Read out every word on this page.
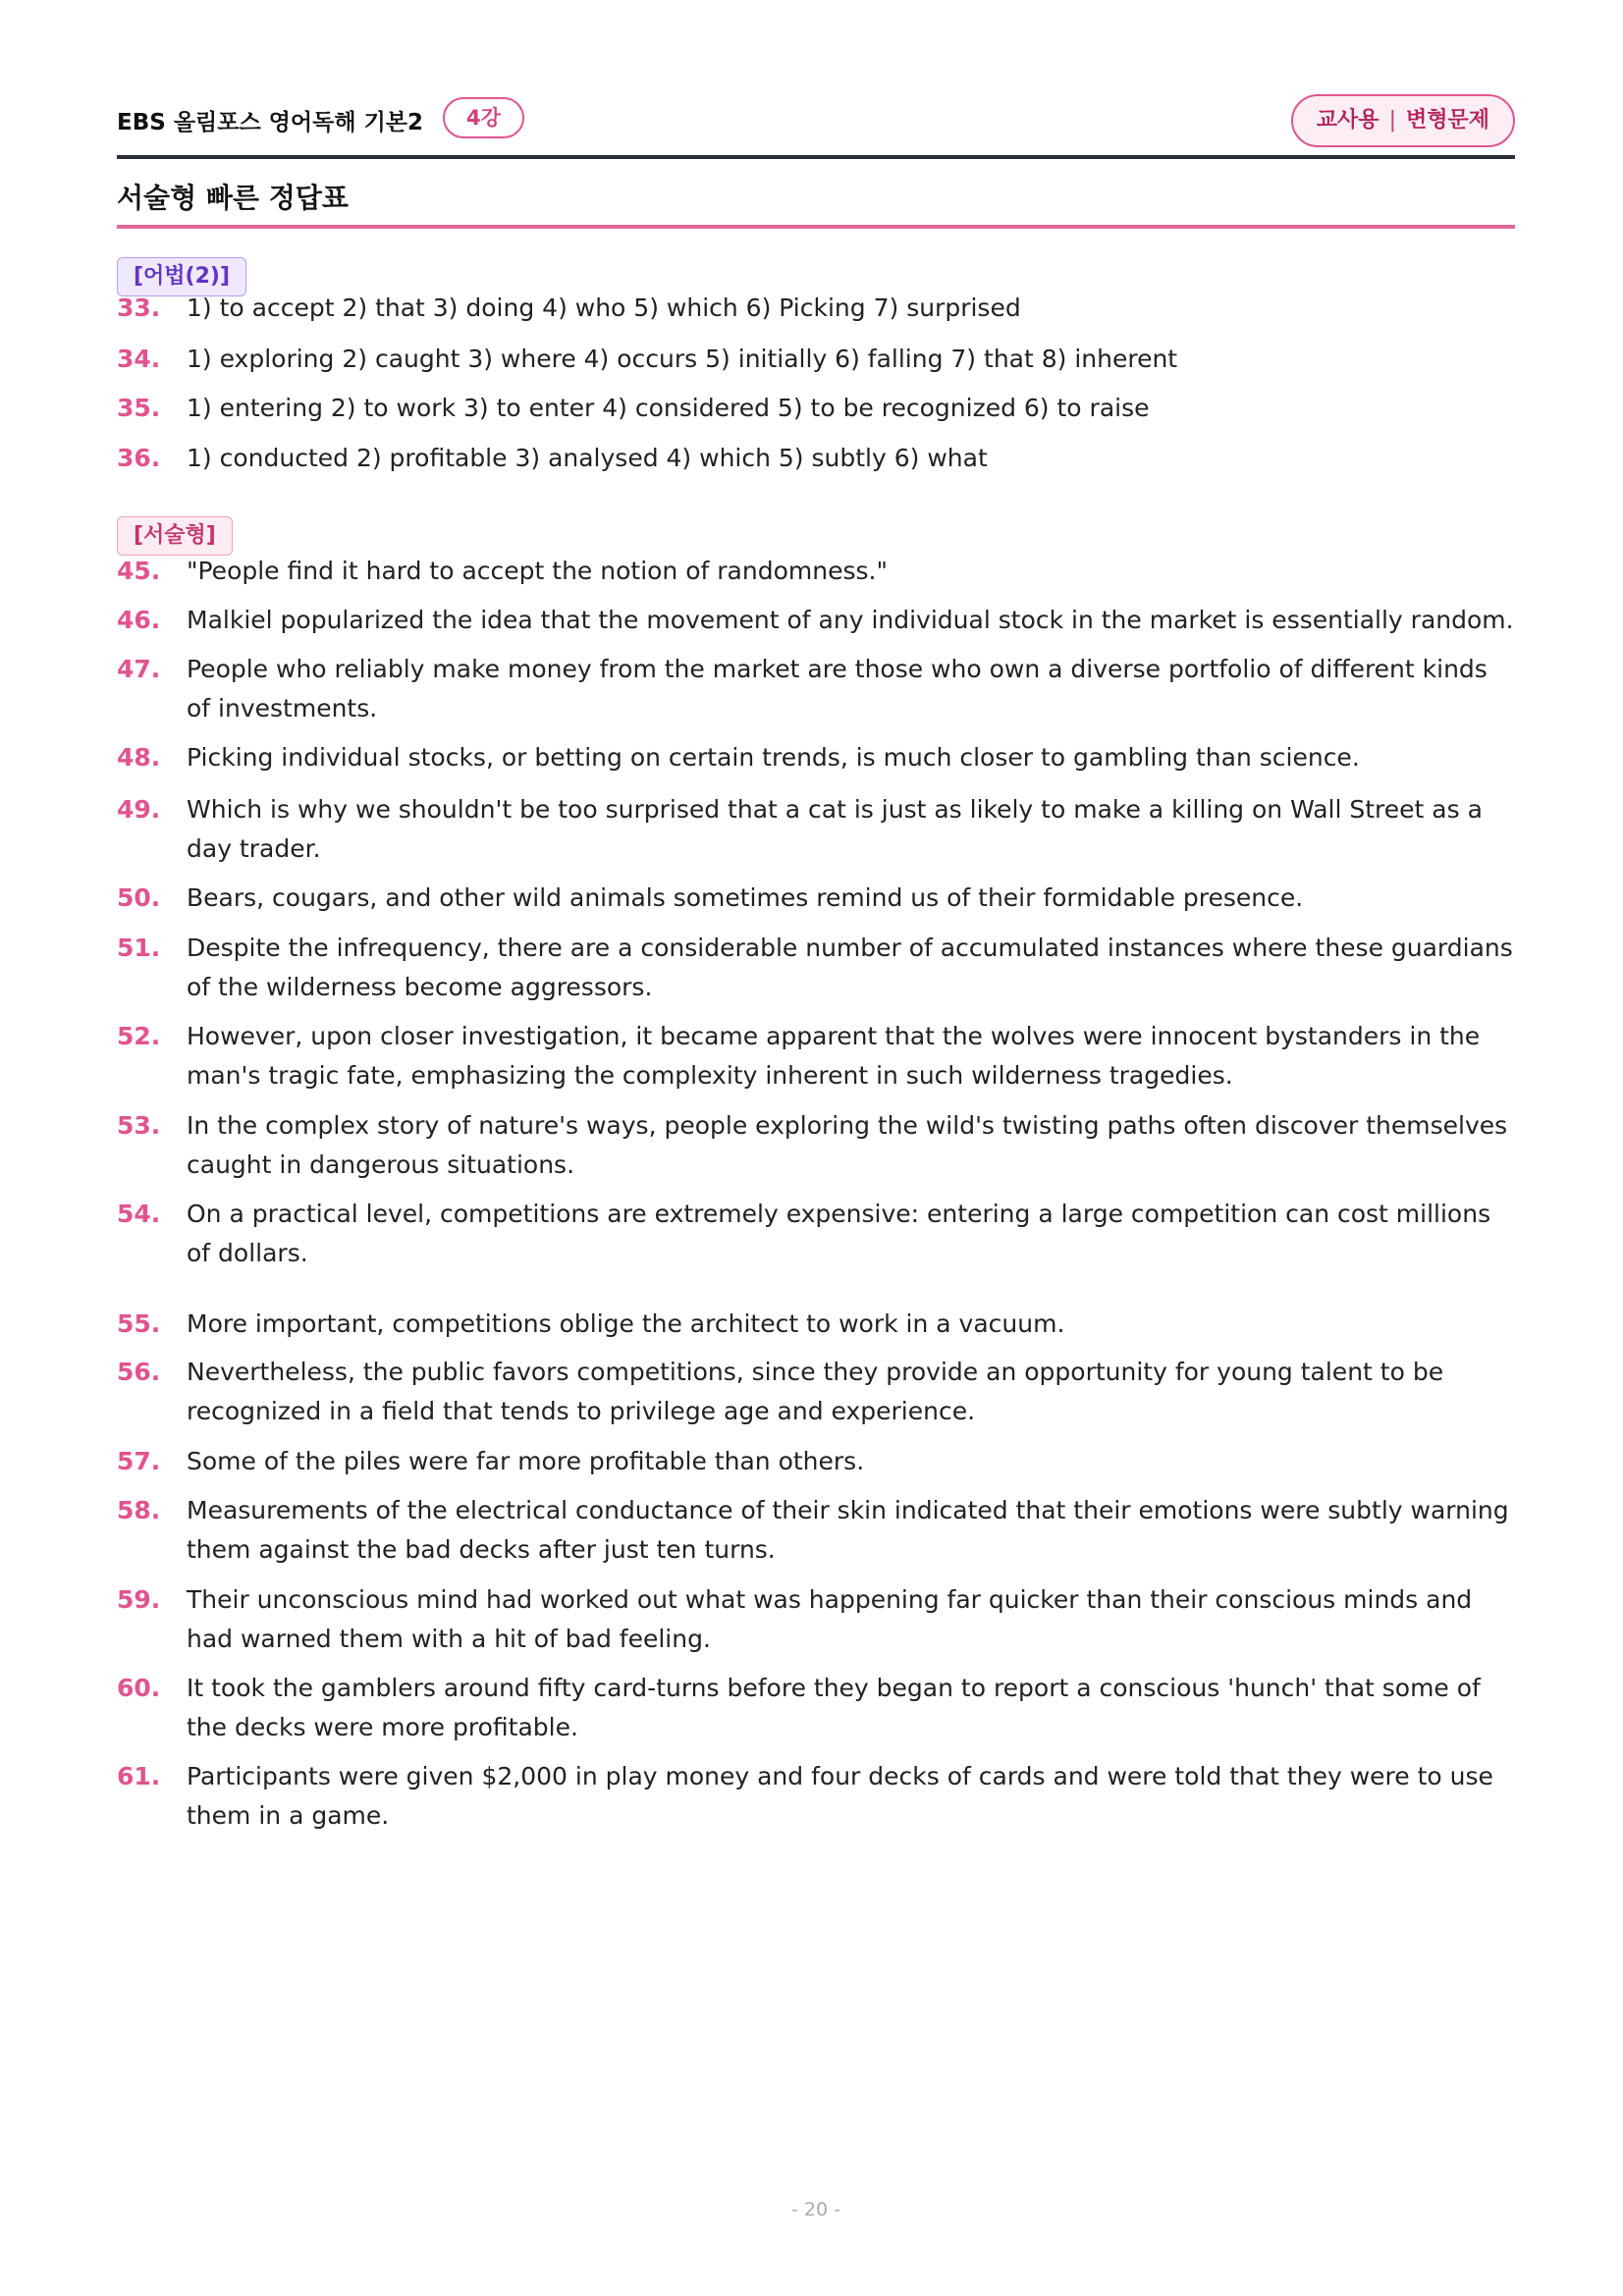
EBS 올림포스 영어독해 기본2	4강	교사용 | 변형문제
서술형 빠른 정답표
[어법(2)]
33.	1) to accept 2) that 3) doing 4) who 5) which 6) Picking 7) surprised
34.	1) exploring 2) caught 3) where 4) occurs 5) initially 6) falling 7) that 8) inherent
35.	1) entering 2) to work 3) to enter 4) considered 5) to be recognized 6) to raise
36.	1) conducted 2) profitable 3) analysed 4) which 5) subtly 6) what
[서술형]
45.	"People find it hard to accept the notion of randomness."
46.	Malkiel popularized the idea that the movement of any individual stock in the market is essentially random.
47.	People who reliably make money from the market are those who own a diverse portfolio of different kinds of investments.
48.	Picking individual stocks, or betting on certain trends, is much closer to gambling than science.
49.	Which is why we shouldn't be too surprised that a cat is just as likely to make a killing on Wall Street as a day trader.
50.	Bears, cougars, and other wild animals sometimes remind us of their formidable presence.
51.	Despite the infrequency, there are a considerable number of accumulated instances where these guardians of the wilderness become aggressors.
52.	However, upon closer investigation, it became apparent that the wolves were innocent bystanders in the man's tragic fate, emphasizing the complexity inherent in such wilderness tragedies.
53.	In the complex story of nature's ways, people exploring the wild's twisting paths often discover themselves caught in dangerous situations.
54.	On a practical level, competitions are extremely expensive: entering a large competition can cost millions of dollars.
55.	More important, competitions oblige the architect to work in a vacuum.
56.	Nevertheless, the public favors competitions, since they provide an opportunity for young talent to be recognized in a field that tends to privilege age and experience.
57.	Some of the piles were far more profitable than others.
58.	Measurements of the electrical conductance of their skin indicated that their emotions were subtly warning them against the bad decks after just ten turns.
59.	Their unconscious mind had worked out what was happening far quicker than their conscious minds and had warned them with a hit of bad feeling.
60.	It took the gamblers around fifty card-turns before they began to report a conscious 'hunch' that some of the decks were more profitable.
61.	Participants were given $2,000 in play money and four decks of cards and were told that they were to use them in a game.
- 20 -
